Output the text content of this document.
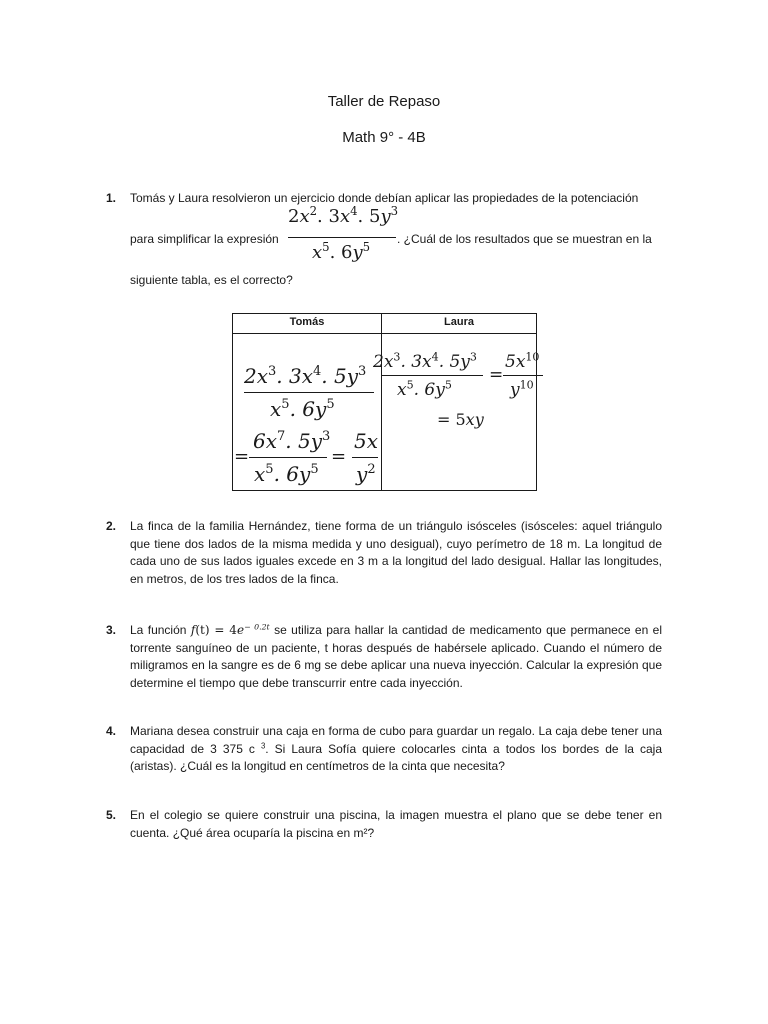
Taller de Repaso
Math 9° - 4B
1. Tomás y Laura resolvieron un ejercicio donde debían aplicar las propiedades de la potenciación
para simplificar la expresión
$2x^2$. $3x^4$. $5y^3$
$x^5$. $6y^5$
. ¿Cuál de los resultados que se muestran en la
siguiente tabla, es el correcto?
Tomás	Laura
$2x^3$. $3x^4$. $5y^3$
$x^5$. $6y^5$
=
$6x^7$. $5y^3$
$x^5$. $6y^5$
=
5x
$y^2$
$2x^3$. $3x^4$. $5y^3$
$x^5$. $6y^5$ =
$5x^{10}$
$y^{10}$
= 5xy
2. La finca de la familia Hernández, tiene forma de un triángulo isósceles (isósceles: aquel triángulo que tiene dos lados de la misma medida y uno desigual), cuyo perímetro de 18 m. La longitud de cada uno de sus lados iguales excede en 3 m a la longitud del lado desigual. Hallar las longitudes, en metros, de los tres lados de la finca.
3. La función $f(t) = 4e^{- 0.2t}$ se utiliza para hallar la cantidad de medicamento que permanece en el torrente sanguíneo de un paciente, t horas después de habérsele aplicado. Cuando el número de miligramos en la sangre es de 6 mg se debe aplicar una nueva inyección. Calcular la expresión que determine el tiempo que debe transcurrir entre cada inyección.
4. Mariana desea construir una caja en forma de cubo para guardar un regalo. La caja debe tener una capacidad de 3 375 c $^3$. Si Laura Sofía quiere colocarles cinta a todos los bordes de la caja (aristas). ¿Cuál es la longitud en centímetros de la cinta que necesita?
5. En el colegio se quiere construir una piscina, la imagen muestra el plano que se debe tener en cuenta. ¿Qué área ocuparía la piscina en m²?
